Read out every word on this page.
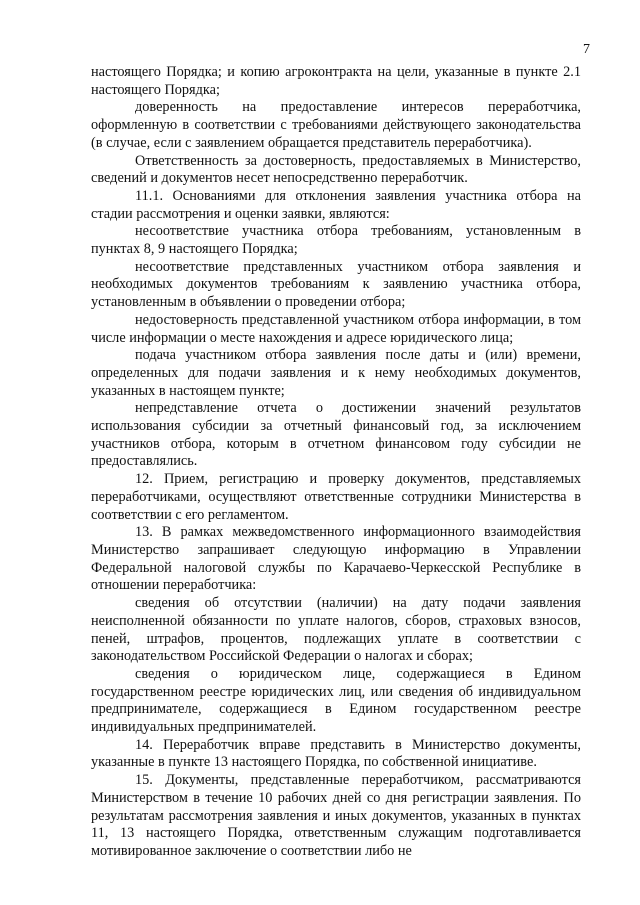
7

настоящего Порядка; и копию агроконтракта на цели, указанные в пункте 2.1 настоящего Порядка;

доверенность на предоставление интересов переработчика, оформленную в соответствии с требованиями действующего законодательства (в случае, если с заявлением обращается представитель переработчика).

Ответственность за достоверность, предоставляемых в Министерство, сведений и документов несет непосредственно переработчик.

11.1. Основаниями для отклонения заявления участника отбора на стадии рассмотрения и оценки заявки, являются:

несоответствие участника отбора требованиям, установленным в пунктах 8, 9 настоящего Порядка;

несоответствие представленных участником отбора заявления и необходимых документов требованиям к заявлению участника отбора, установленным в объявлении о проведении отбора;

недостоверность представленной участником отбора информации, в том числе информации о месте нахождения и адресе юридического лица;

подача участником отбора заявления после даты и (или) времени, определенных для подачи заявления и к нему необходимых документов, указанных в настоящем пункте;

непредставление отчета о достижении значений результатов использования субсидии за отчетный финансовый год, за исключением участников отбора, которым в отчетном финансовом году субсидии не предоставлялись.

12. Прием, регистрацию и проверку документов, представляемых переработчиками, осуществляют ответственные сотрудники Министерства в соответствии с его регламентом.

13. В рамках межведомственного информационного взаимодействия Министерство запрашивает следующую информацию в Управлении Федеральной налоговой службы по Карачаево-Черкесской Республике в отношении переработчика:

сведения об отсутствии (наличии) на дату подачи заявления неисполненной обязанности по уплате налогов, сборов, страховых взносов, пеней, штрафов, процентов, подлежащих уплате в соответствии с законодательством Российской Федерации о налогах и сборах;

сведения о юридическом лице, содержащиеся в Едином государственном реестре юридических лиц, или сведения об индивидуальном предпринимателе, содержащиеся в Едином государственном реестре индивидуальных предпринимателей.

14. Переработчик вправе представить в Министерство документы, указанные в пункте 13 настоящего Порядка, по собственной инициативе.

15. Документы, представленные переработчиком, рассматриваются Министерством в течение 10 рабочих дней со дня регистрации заявления. По результатам рассмотрения заявления и иных документов, указанных в пунктах 11, 13 настоящего Порядка, ответственным служащим подготавливается мотивированное заключение о соответствии либо не
